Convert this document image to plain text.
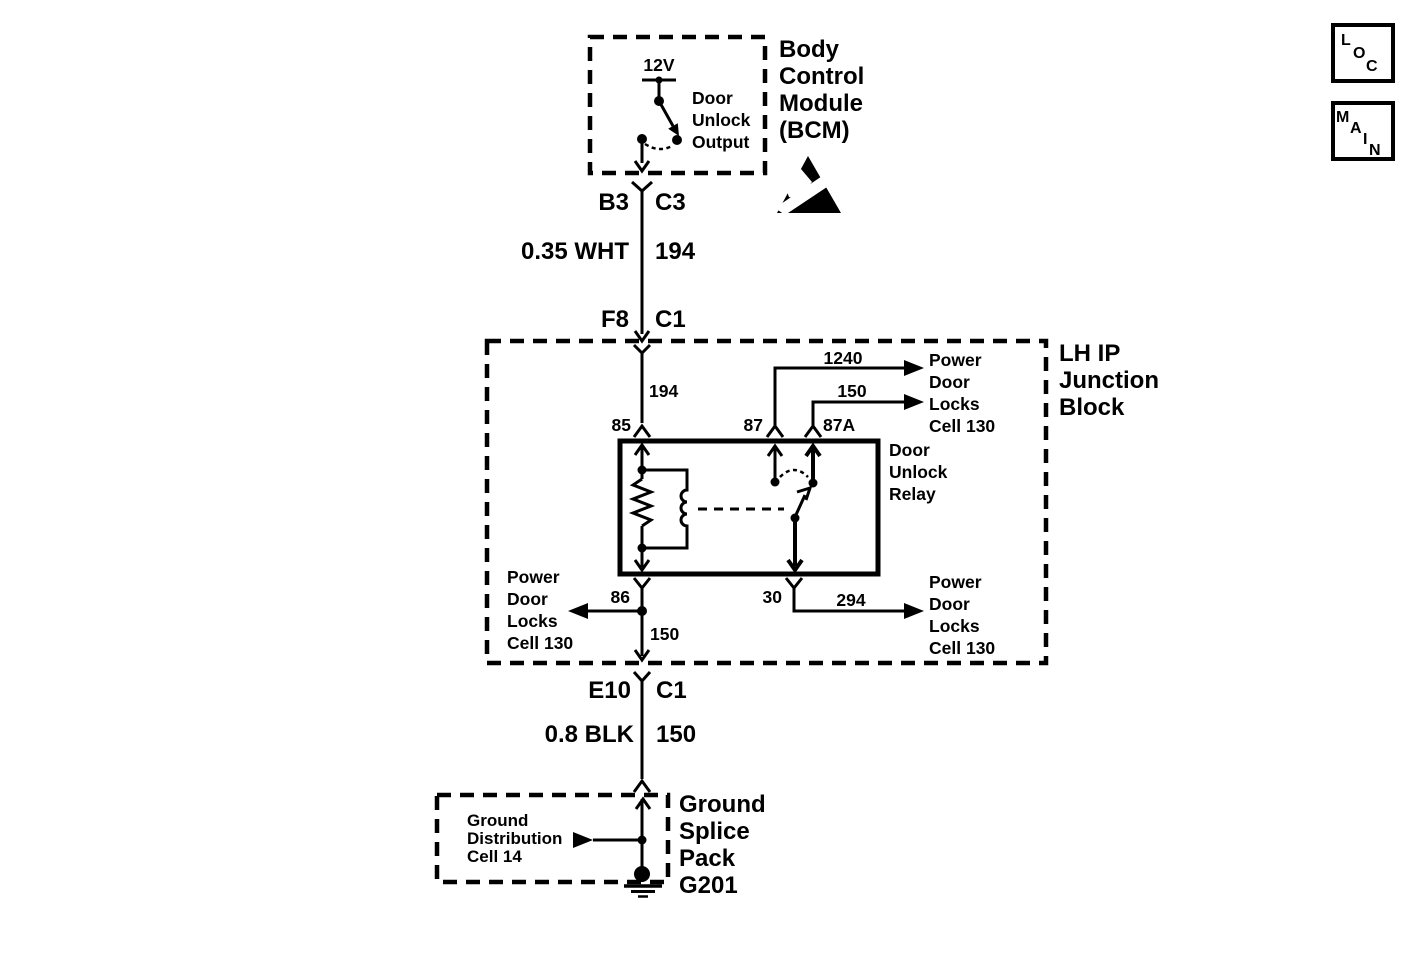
12V
Door
Unlock
Output
Body
Control
Module
(BCM)
B3 C3
0.35 WHT 194
F8 C1
LH IP
Junction
Block
194
85	87	87A
Door
Unlock
Relay
1240
150
Power
Door
Locks
Cell 130
86
150
Power
Door
Locks
Cell 130
30	294
Power
Door
Locks
Cell 130
E10 C1
0.8 BLK 150
Ground
Distribution
Cell 14
Ground
Splice
Pack
G201
L
O
C
M
A
I
N
